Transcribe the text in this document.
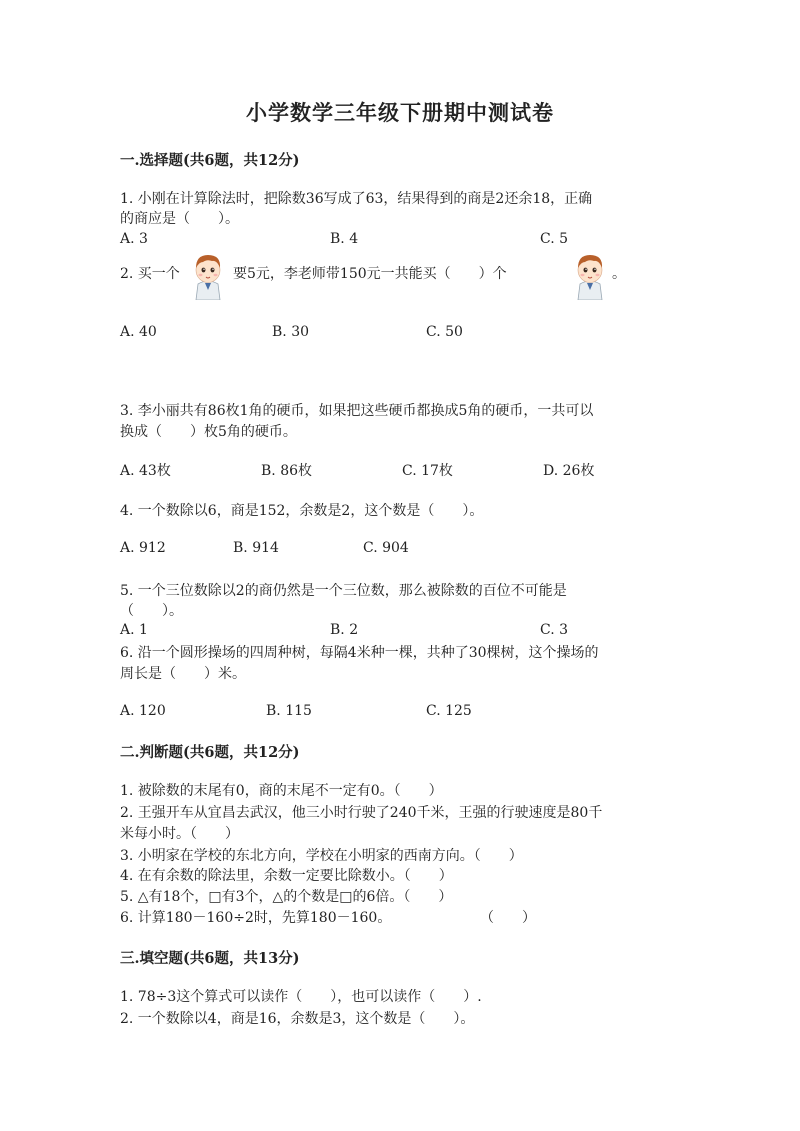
小学数学三年级下册期中测试卷
一.选择题(共6题，共12分)
1. 小刚在计算除法时，把除数36写成了63，结果得到的商是2还余18，正确
的商应是（　　）。
A. 3	B. 4	C. 5
2. 买一个	要5元，李老师带150元一共能买（　　）个	。
A. 40	B. 30	C. 50
3. 李小丽共有86枚1角的硬币，如果把这些硬币都换成5角的硬币，一共可以
换成（　　）枚5角的硬币。
A. 43枚	B. 86枚	C. 17枚	D. 26枚
4. 一个数除以6，商是152，余数是2，这个数是（　　）。
A. 912	B. 914	C. 904
5. 一个三位数除以2的商仍然是一个三位数，那么被除数的百位不可能是
（　　）。
A. 1	B. 2	C. 3
6. 沿一个圆形操场的四周种树，每隔4米种一棵，共种了30棵树，这个操场的
周长是（　　）米。
A. 120	B. 115	C. 125
二.判断题(共6题，共12分)
1. 被除数的末尾有0，商的末尾不一定有0。（　　）
2. 王强开车从宜昌去武汉，他三小时行驶了240千米，王强的行驶速度是80千
米每小时。（　　）
3. 小明家在学校的东北方向，学校在小明家的西南方向。（　　）
4. 在有余数的除法里，余数一定要比除数小。（　　）
5. △有18个，□有3个，△的个数是□的6倍。（　　）
6. 计算180－160÷2时，先算180－160。	（　　）
三.填空题(共6题，共13分)
1. 78÷3这个算式可以读作（　　），也可以读作（　　）.
2. 一个数除以4，商是16，余数是3，这个数是（　　）。
